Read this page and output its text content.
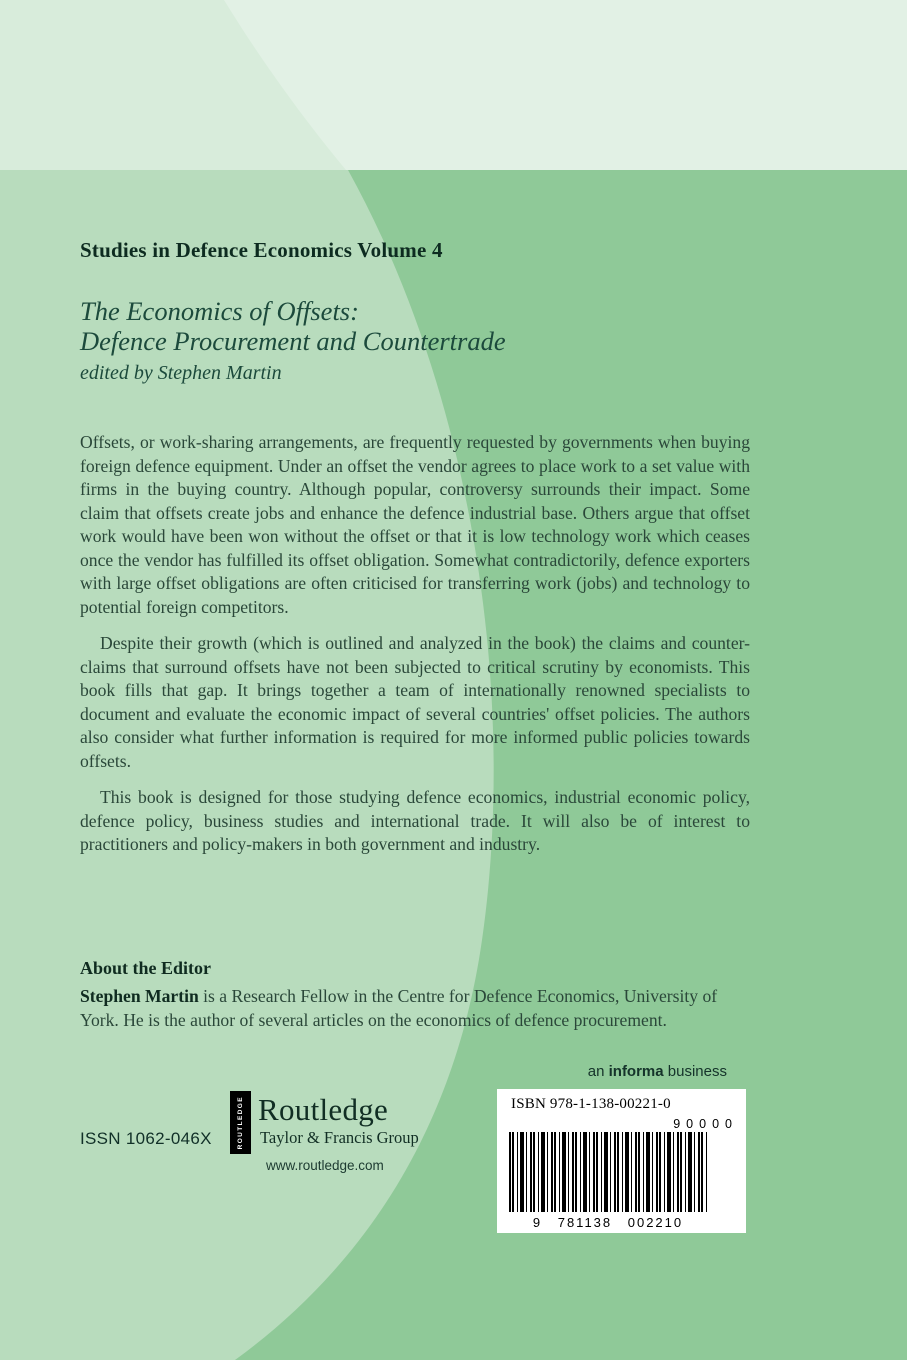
Studies in Defence Economics Volume 4
The Economics of Offsets:
Defence Procurement and Countertrade
edited by Stephen Martin

Offsets, or work-sharing arrangements, are frequently requested by governments when buying foreign defence equipment. Under an offset the vendor agrees to place work to a set value with firms in the buying country. Although popular, controversy surrounds their impact. Some claim that offsets create jobs and enhance the defence industrial base. Others argue that offset work would have been won without the offset or that it is low technology work which ceases once the vendor has fulfilled its offset obligation. Somewhat contradictorily, defence exporters with large offset obligations are often criticised for transferring work (jobs) and technology to potential foreign competitors.

Despite their growth (which is outlined and analyzed in the book) the claims and counter-claims that surround offsets have not been subjected to critical scrutiny by economists. This book fills that gap. It brings together a team of internationally renowned specialists to document and evaluate the economic impact of several countries' offset policies. The authors also consider what further information is required for more informed public policies towards offsets.

This book is designed for those studying defence economics, industrial economic policy, defence policy, business studies and international trade. It will also be of interest to practitioners and policy-makers in both government and industry.

About the Editor

Stephen Martin is a Research Fellow in the Centre for Defence Economics, University of York. He is the author of several articles on the economics of defence procurement.

an informa business
ISSN 1062-046X	ROUTLEDGE Routledge
Taylor & Francis Group
www.routledge.com
ISBN 978-1-138-00221-0
90000
9 781138 002210
